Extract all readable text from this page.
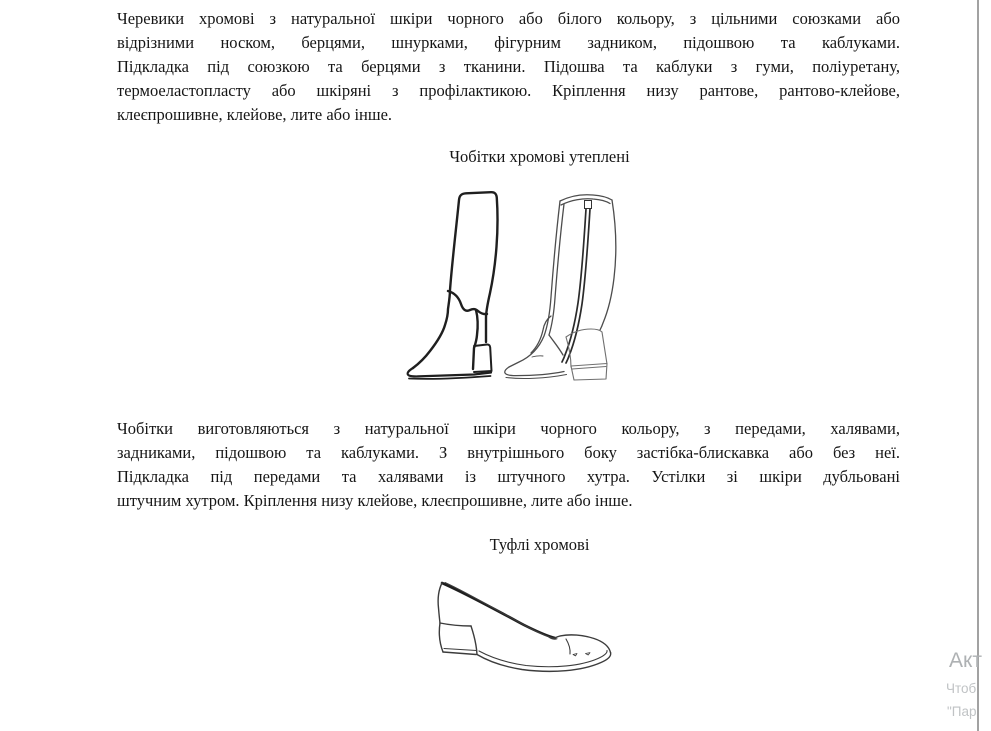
Черевики хромові з натуральної шкіри чорного або білого кольору, з цільними союзками або
відрізними носком, берцями, шнурками, фігурним задником, підошвою та каблуками.
Підкладка під союзкою та берцями з тканини. Підошва та каблуки з гуми, поліуретану,
термоеластопласту або шкіряні з профілактикою. Кріплення низу рантове, рантово-клейове,
клеєпрошивне, клейове, лите або інше.
Чобітки хромові утеплені
Чобітки виготовляються з натуральної шкіри чорного кольору, з передами, халявами,
задниками, підошвою та каблуками. З внутрішнього боку застібка-блискавка або без неї.
Підкладка під передами та халявами із штучного хутра. Устілки зі шкіри дубльовані
штучним хутром. Кріплення низу клейове, клеєпрошивне, лите або інше.
Туфлі хромові
Акт
Чтоб
"Пар
